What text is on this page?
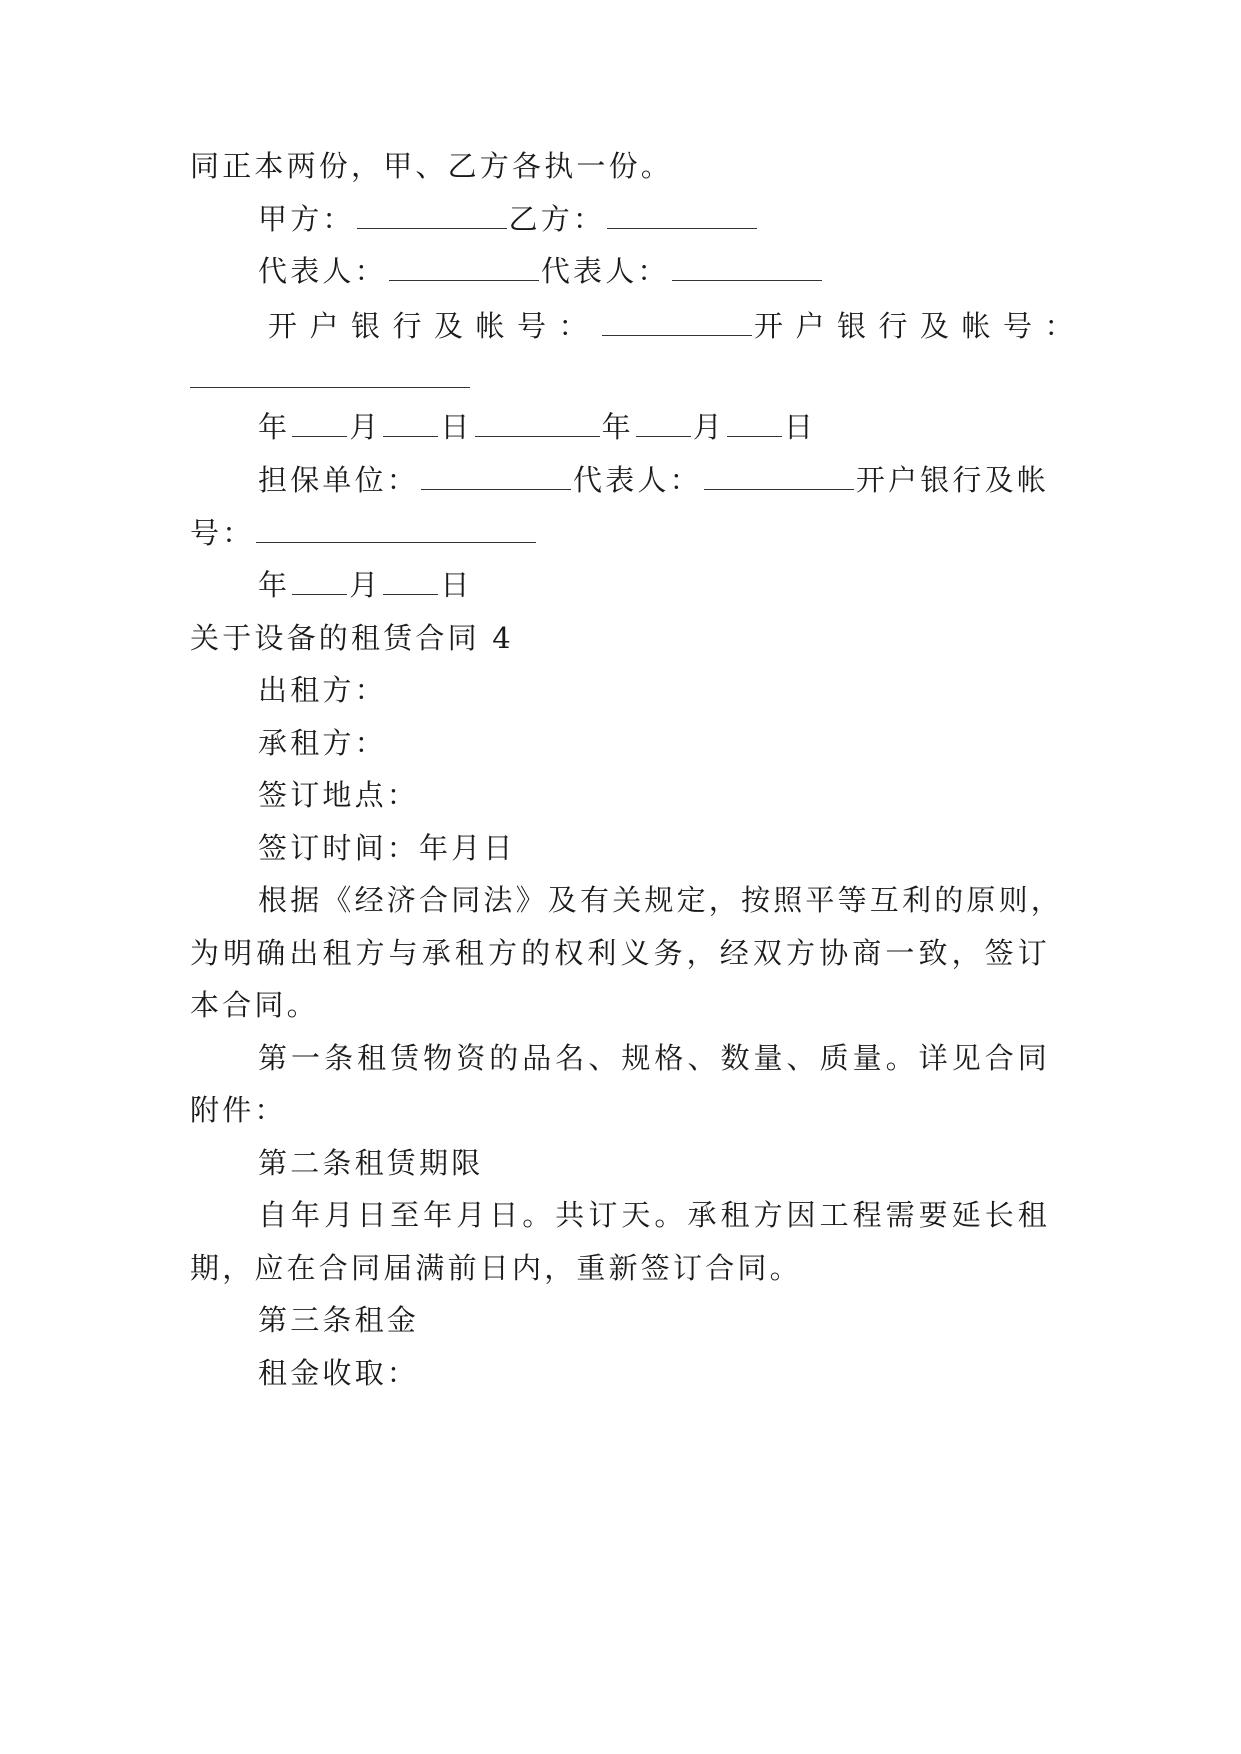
同正本两份，甲、乙方各执一份。
甲方：	乙方：
代表人：	代表人：
开户银行及帐号：	开户银行及帐号：
年 月 日	年 月 日
担保单位：	代表人：	开户银行及帐
号：
年 月 日
关于设备的租赁合同 4
出租方：
承租方：
签订地点：
签订时间：年月日
根据《经济合同法》及有关规定，按照平等互利的原则，
为明确出租方与承租方的权利义务，经双方协商一致，签订
本合同。
第一条租赁物资的品名、规格、数量、质量。详见合同
附件：
第二条租赁期限
自年月日至年月日。共订天。承租方因工程需要延长租
期，应在合同届满前日内，重新签订合同。
第三条租金
租金收取：
